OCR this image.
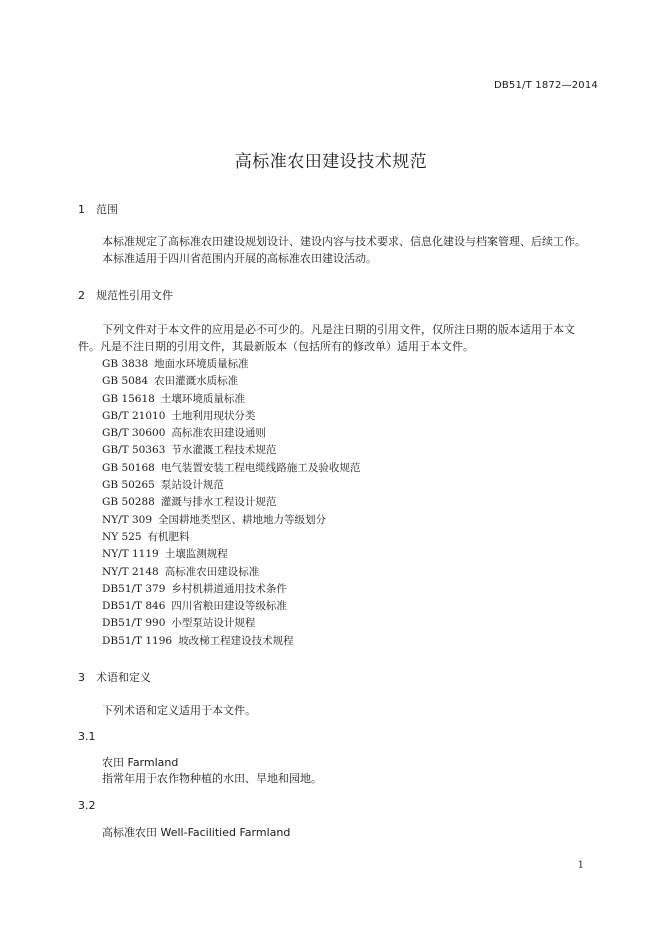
DB51/T 1872—2014
高标准农田建设技术规范
1 范围
本标准规定了高标准农田建设规划设计、建设内容与技术要求、信息化建设与档案管理、后续工作。
本标准适用于四川省范围内开展的高标准农田建设活动。
2 规范性引用文件
下列文件对于本文件的应用是必不可少的。凡是注日期的引用文件，仅所注日期的版本适用于本文
件。凡是不注日期的引用文件，其最新版本（包括所有的修改单）适用于本文件。
GB 3838 地面水环境质量标准
GB 5084 农田灌溉水质标准
GB 15618 土壤环境质量标准
GB/T 21010 土地利用现状分类
GB/T 30600 高标准农田建设通则
GB/T 50363 节水灌溉工程技术规范
GB 50168 电气装置安装工程电缆线路施工及验收规范
GB 50265 泵站设计规范
GB 50288 灌溉与排水工程设计规范
NY/T 309 全国耕地类型区、耕地地力等级划分
NY 525 有机肥料
NY/T 1119 土壤监测规程
NY/T 2148 高标准农田建设标准
DB51/T 379 乡村机耕道通用技术条件
DB51/T 846 四川省粮田建设等级标准
DB51/T 990 小型泵站设计规程
DB51/T 1196 坡改梯工程建设技术规程
3 术语和定义
下列术语和定义适用于本文件。
3.1
农田 Farmland
指常年用于农作物种植的水田、旱地和园地。
3.2
高标准农田 Well-Facilitied Farmland
1
